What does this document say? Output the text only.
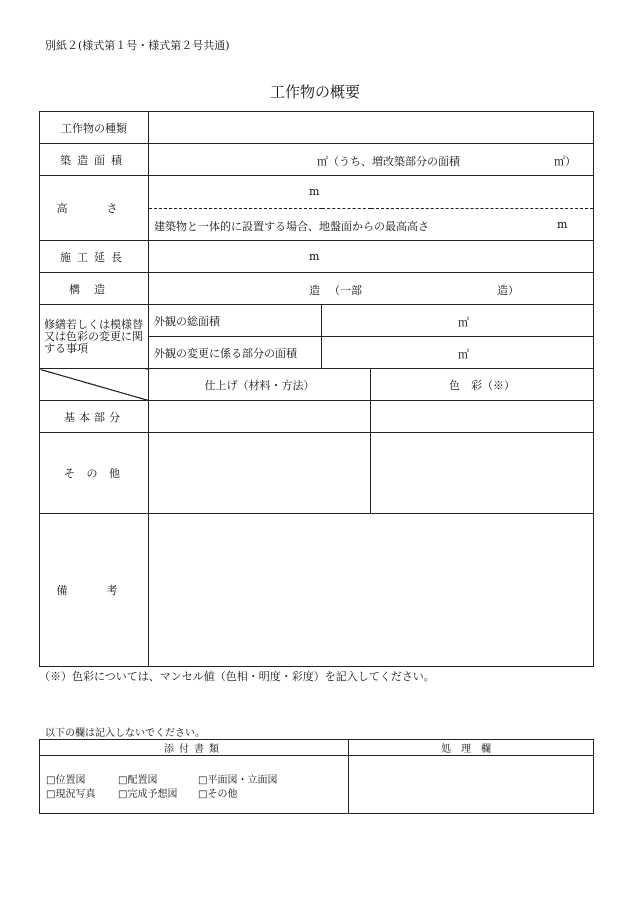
別紙２(様式第１号・様式第２号共通)
工作物の概要
工作物の種類			
築造面積	㎡（うち、増改築部分の面積 ㎡）		

高　さ	m		

	建築物と一体的に設置する場合、地盤面からの最高高さ m		

施工延長	m		

構造	造 （一部 造）		

修繕若しくは模様替又は色彩の変更に関する事項	外観の総面積	㎡	

	外観の変更に係る部分の面積	㎡	

	仕上げ（材料・方法）		色　彩（※）
基本部分			
そ の 他			
備　考			
（※）色彩については、マンセル値（色相・明度・彩度）を記入してください。
以下の欄は記入しないでください。
添付書類	処理欄
□位置図 □配置図 □平面図・立面図
□現況写真 □完成予想図 □その他	
